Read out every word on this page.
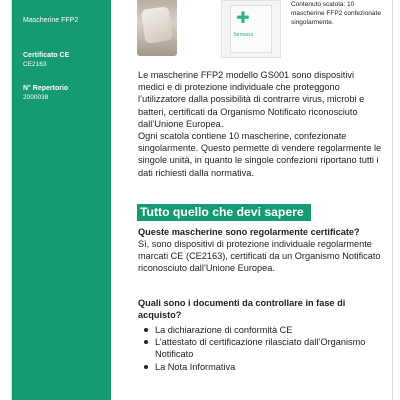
Mascherine FFP2
Certificato CE
CE2163
N° Repertorio
2000038
✚
farmacia
Contenuto scatola: 10 mascherine FFP2 confezionate singolarmente.
Le mascherine FFP2 modello GS001 sono dispositivi medici e di protezione individuale che proteggono l’utilizzatore dalla possibilità di contrarre virus, microbi e batteri, certificati da Organismo Notificato riconosciuto dall’Unione Europea.
Ogni scatola contiene 10 mascherine, confezionate singolarmente. Questo permette di vendere regolarmente le singole unità, in quanto le singole confezioni riportano tutti i dati richiesti dalla normativa.
Tutto quello che devi sapere
Queste mascherine sono regolarmente certificate?
Sì, sono dispositivi di protezione individuale regolarmente marcati CE (CE2163), certificati da un Organismo Notificato riconosciuto dall’Unione Europea.
Quali sono i documenti da controllare in fase di acquisto?
La dichiarazione di conformità CE
L’attestato di certificazione rilasciato dall’Organismo Notificato
La Nota Informativa
